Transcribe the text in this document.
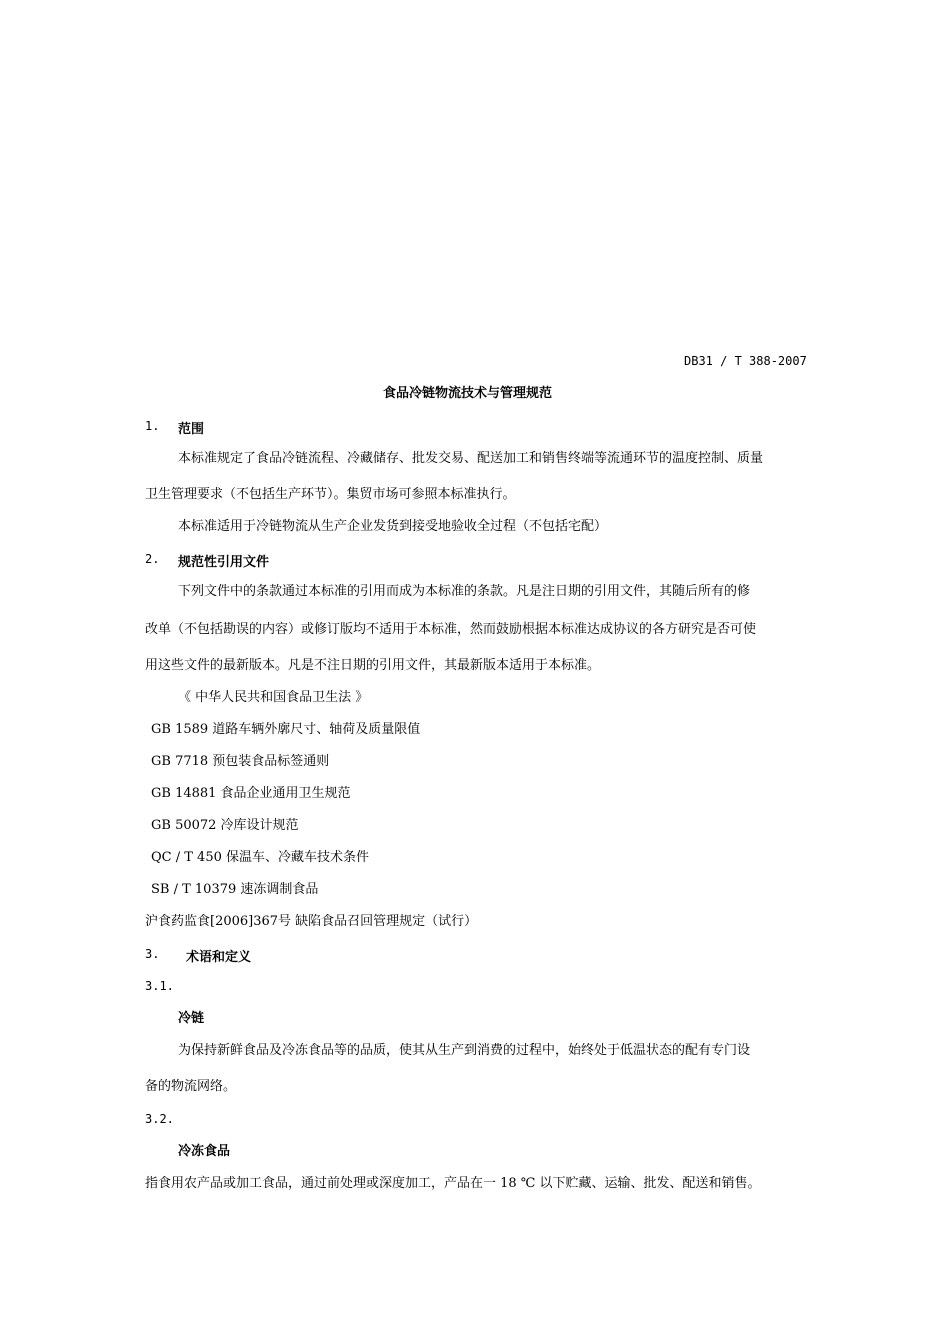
DB31 / T 388-2007
食品冷链物流技术与管理规范
1. 范围
本标准规定了食品冷链流程、冷藏储存、批发交易、配送加工和销售终端等流通环节的温度控制、质量
卫生管理要求（不包括生产环节）。集贸市场可参照本标准执行。
本标准适用于冷链物流从生产企业发货到接受地验收全过程（不包括宅配）
2. 规范性引用文件
下列文件中的条款通过本标准的引用而成为本标准的条款。凡是注日期的引用文件，其随后所有的修
改单（不包括勘误的内容）或修订版均不适用于本标准，然而鼓励根据本标准达成协议的各方研究是否可使
用这些文件的最新版本。凡是不注日期的引用文件，其最新版本适用于本标准。
《 中华人民共和国食品卫生法 》
GB 1589 道路车辆外廓尺寸、轴荷及质量限值
GB 7718 预包装食品标签通则
GB 14881 食品企业通用卫生规范
GB 50072 冷库设计规范
QC / T 450 保温车、冷藏车技术条件
SB / T 10379 速冻调制食品
沪食药监食[2006]367号 缺陷食品召回管理规定（试行）
3. 术语和定义
3.1.
冷链
为保持新鲜食品及冷冻食品等的品质，使其从生产到消费的过程中，始终处于低温状态的配有专门设
备的物流网络。
3.2.
冷冻食品
指食用农产品或加工食品，通过前处理或深度加工，产品在一 18 ℃ 以下贮藏、运输、批发、配送和销售。
